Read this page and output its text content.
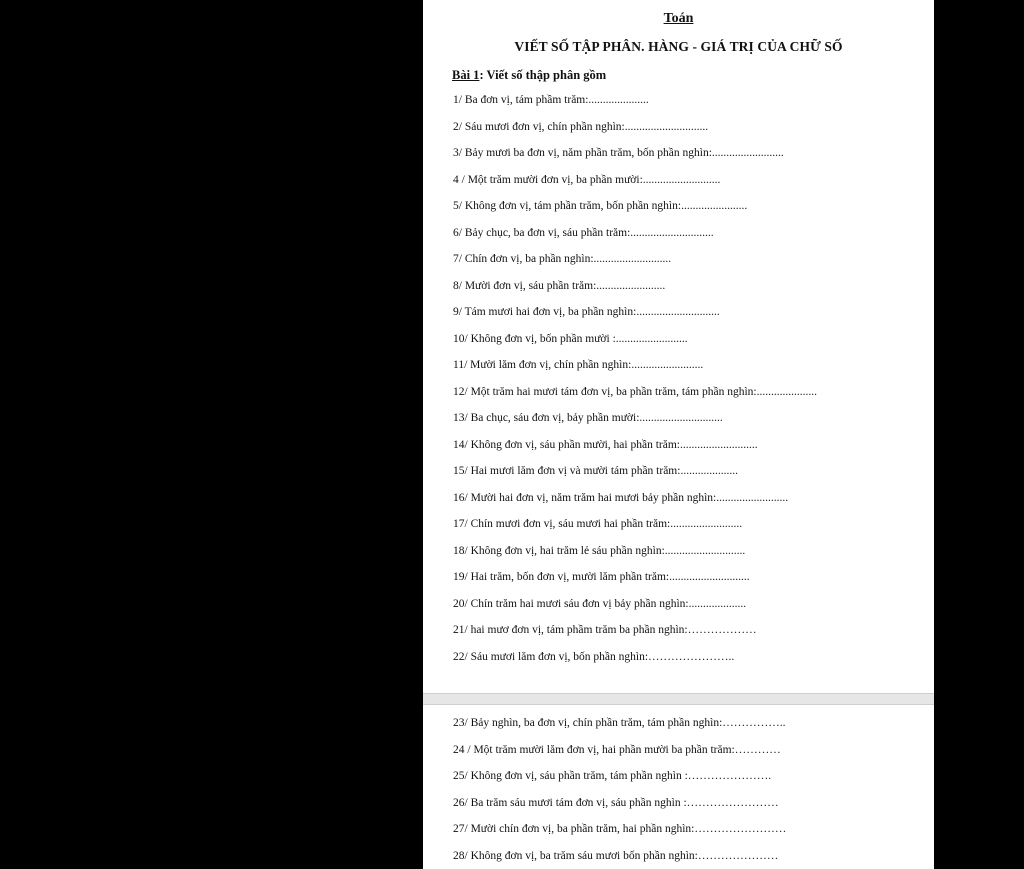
Toán
VIẾT SỐ TẬP PHÂN. HÀNG - GIÁ TRỊ CỦA CHỮ SỐ
Bài 1: Viết số thập phân gồm
1/ Ba đơn vị, tám phầm trăm:.....................
2/ Sáu mươi đơn vị, chín phần nghìn:.............................
3/ Bảy mươi ba đơn vị, năm phần trăm, bốn phần nghìn:.........................
4 / Một trăm mười đơn vị, ba phần mười:...........................
5/ Không đơn vị, tám phần trăm, bốn phần nghìn:.......................
6/ Bảy chục, ba đơn vị, sáu phần trăm:.............................
7/ Chín đơn vị, ba phần nghìn:...........................
8/ Mười đơn vị, sáu phần trăm:........................
9/ Tám mươi hai đơn vị, ba phần nghìn:.............................
10/ Không đơn vị, bốn phần mười :.........................
11/ Mười lăm đơn vị, chín phần nghìn:.........................
12/ Một trăm hai mươi tám đơn vị, ba phần trăm, tám phần nghìn:.....................
13/ Ba chục, sáu đơn vị, bảy phần mười:.............................
14/ Không đơn vị, sáu phần mười, hai phần trăm:...........................
15/ Hai mươi lăm đơn vị và mười tám phần trăm:....................
16/ Mười hai đơn vị, năm trăm hai mươi bảy phần nghìn:.........................
17/ Chín mươi đơn vị, sáu mươi hai phần trăm:.........................
18/ Không đơn vị, hai trăm lẻ sáu phần nghìn:............................
19/ Hai trăm, bốn đơn vị, mười lăm phần trăm:............................
20/ Chín trăm hai mươi sáu đơn vị bảy phần nghìn:....................
21/ hai mươ đơn vị, tám phầm trăm ba phần nghìn:………………
22/ Sáu mươi lăm đơn vị, bốn phần nghìn:…………………..
23/ Bảy nghìn, ba đơn vị, chín phần trăm, tám phần nghìn:……………..
24 / Một trăm mười lăm đơn vị, hai phần mười ba phần trăm:…………
25/ Không đơn vị, sáu phần trăm, tám phần nghìn :………………….
26/ Ba trăm sáu mươi tám đơn vị, sáu phần nghìn :……………………
27/ Mười chín đơn vị, ba phần trăm, hai phần nghìn:……………………
28/ Không đơn vị, ba trăm sáu mươi bốn phần nghìn:…………………
